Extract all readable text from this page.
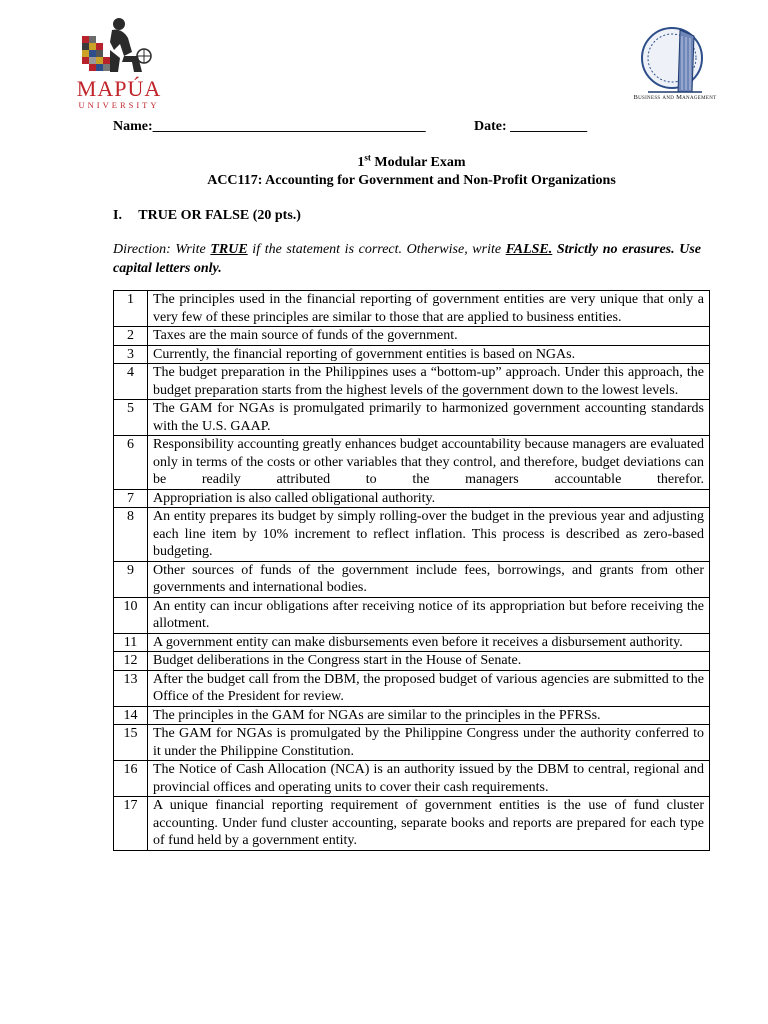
MAPÚA
UNIVERSITY
Business and Management
Name:_______________________________________	Date: ___________
1st Modular Exam
ACC117: Accounting for Government and Non-Profit Organizations
I. TRUE OR FALSE (20 pts.)
Direction: Write TRUE if the statement is correct. Otherwise, write FALSE. Strictly no erasures. Use capital letters only.
1	The principles used in the financial reporting of government entities are very unique that only a very few of these principles are similar to those that are applied to business entities.
2	Taxes are the main source of funds of the government.
3	Currently, the financial reporting of government entities is based on NGAs.
4	The budget preparation in the Philippines uses a “bottom-up” approach. Under this approach, the budget preparation starts from the highest levels of the government down to the lowest levels.
5	The GAM for NGAs is promulgated primarily to harmonized government accounting standards with the U.S. GAAP.
6	Responsibility accounting greatly enhances budget accountability because managers are evaluated only in terms of the costs or other variables that they control, and therefore, budget deviations can be readily attributed to the managers accountable therefor.
7	Appropriation is also called obligational authority.
8	An entity prepares its budget by simply rolling-over the budget in the previous year and adjusting each line item by 10% increment to reflect inflation. This process is described as zero-based budgeting.
9	Other sources of funds of the government include fees, borrowings, and grants from other governments and international bodies.
10	An entity can incur obligations after receiving notice of its appropriation but before receiving the allotment.
11	A government entity can make disbursements even before it receives a disbursement authority.
12	Budget deliberations in the Congress start in the House of Senate.
13	After the budget call from the DBM, the proposed budget of various agencies are submitted to the Office of the President for review.
14	The principles in the GAM for NGAs are similar to the principles in the PFRSs.
15	The GAM for NGAs is promulgated by the Philippine Congress under the authority conferred to it under the Philippine Constitution.
16	The Notice of Cash Allocation (NCA) is an authority issued by the DBM to central, regional and provincial offices and operating units to cover their cash requirements.
17	A unique financial reporting requirement of government entities is the use of fund cluster accounting. Under fund cluster accounting, separate books and reports are prepared for each type of fund held by a government entity.
